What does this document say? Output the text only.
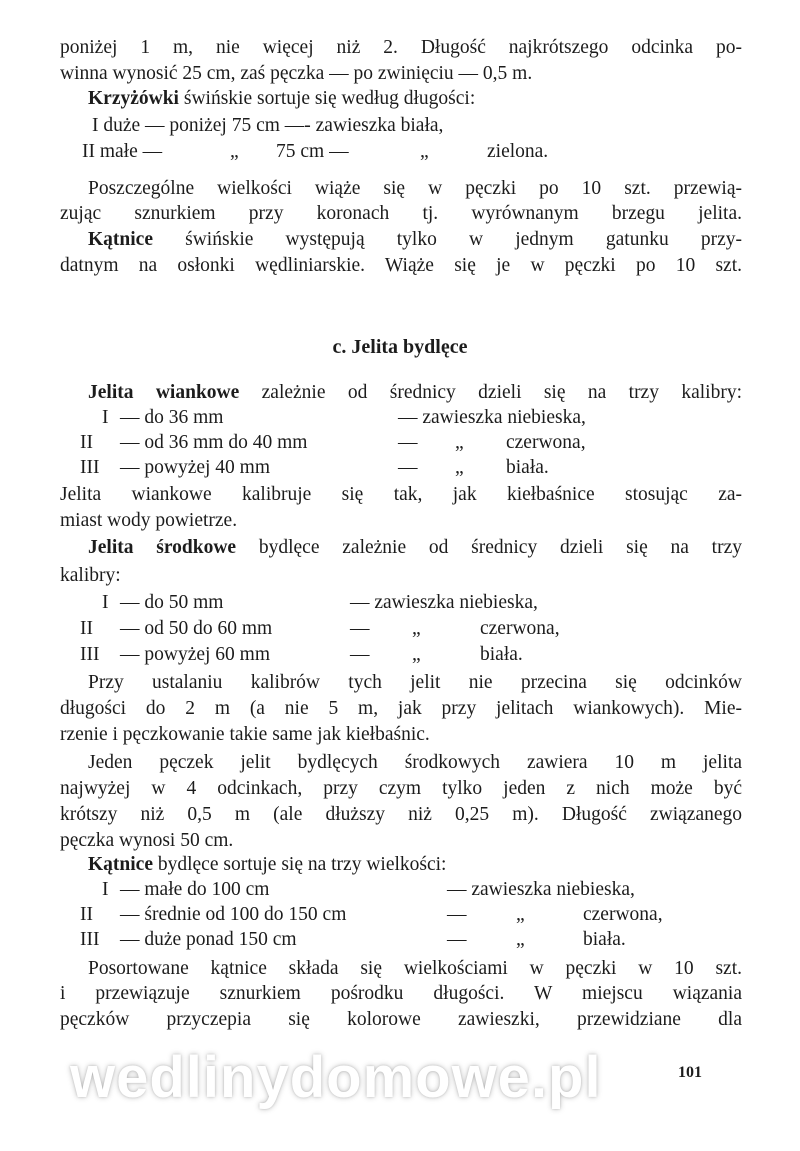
poniżej 1 m, nie więcej niż 2. Długość najkrótszego odcinka po-
winna wynosić 25 cm, zaś pęczka — po zwinięciu — 0,5 m.
Krzyżówki świńskie sortuje się według długości:
I duże — poniżej 75 cm —- zawieszka biała,
II małe —	„ 75 cm —	„	zielona.
Poszczególne wielkości wiąże się w pęczki po 10 szt. przewią-
zując sznurkiem przy koronach tj. wyrównanym brzegu jelita.
Kątnice świńskie występują tylko w jednym gatunku przy-
datnym na osłonki wędliniarskie. Wiąże się je w pęczki po 10 szt.
c. Jelita bydlęce
Jelita wiankowe zależnie od średnicy dzieli się na trzy kalibry:
I — do 36 mm	— zawieszka niebieska,
II — od 36 mm do 40 mm	— „ czerwona,
III — powyżej 40 mm	— „ biała.
Jelita wiankowe kalibruje się tak, jak kiełbaśnice stosując za-
miast wody powietrze.
Jelita środkowe bydlęce zależnie od średnicy dzieli się na trzy
kalibry:
I — do 50 mm	— zawieszka niebieska,
II — od 50 do 60 mm	— „	czerwona,
III — powyżej 60 mm	— „	biała.
Przy ustalaniu kalibrów tych jelit nie przecina się odcinków
długości do 2 m (a nie 5 m, jak przy jelitach wiankowych). Mie-
rzenie i pęczkowanie takie same jak kiełbaśnic.
Jeden pęczek jelit bydlęcych środkowych zawiera 10 m jelita
najwyżej w 4 odcinkach, przy czym tylko jeden z nich może być
krótszy niż 0,5 m (ale dłuższy niż 0,25 m). Długość związanego
pęczka wynosi 50 cm.
Kątnice bydlęce sortuje się na trzy wielkości:
I — małe do 100 cm	— zawieszka niebieska,
II — średnie od 100 do 150 cm	—	„	czerwona,
III — duże ponad 150 cm	—	„	biała.
Posortowane kątnice składa się wielkościami w pęczki w 10 szt.
i przewiązuje sznurkiem pośrodku długości. W miejscu wiązania
pęczków przyczepia się kolorowe zawieszki, przewidziane dla
wedlinydomowe.pl	101
